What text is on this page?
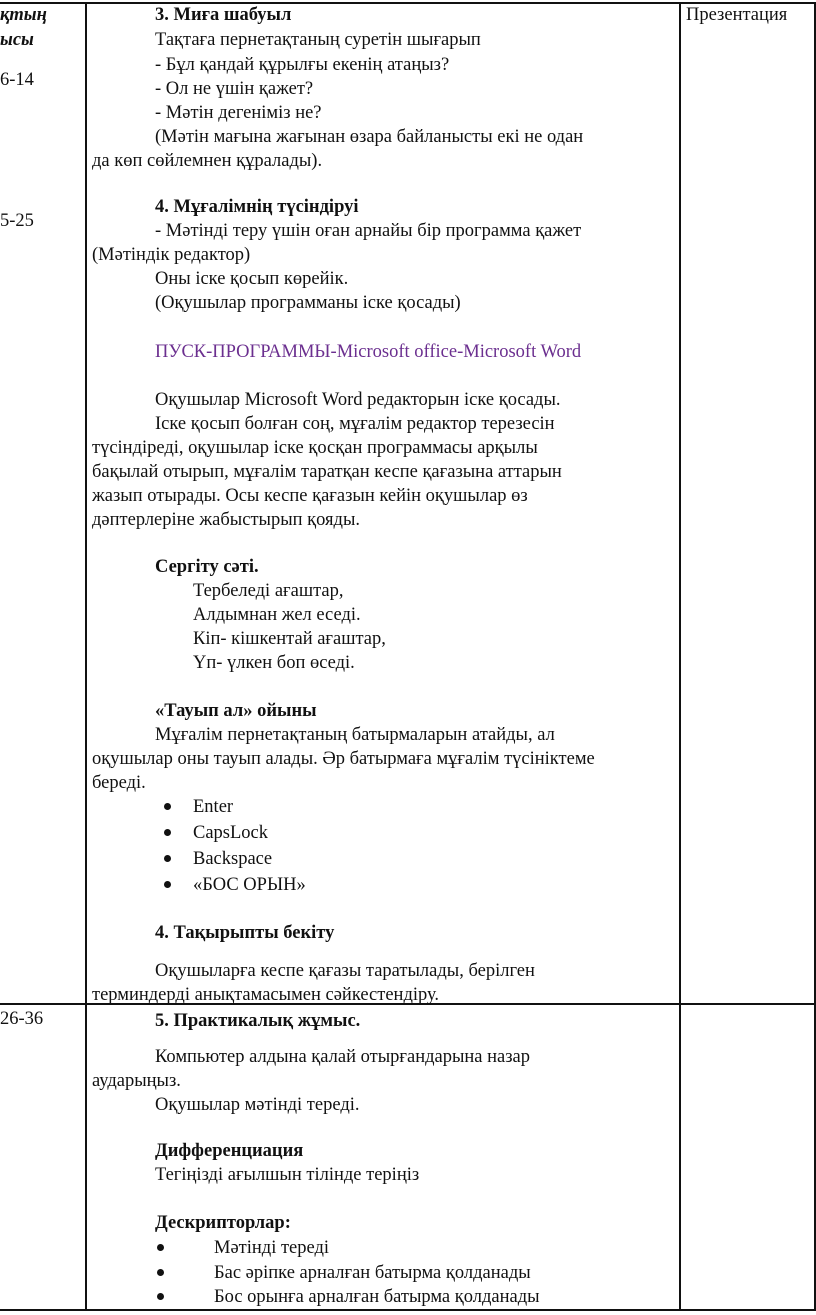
қтың
ысы
6-14
5-25
26-36
Презентация
3. Миға шабуыл
Тақтаға пернетақтаның суретін шығарып
- Бұл қандай құрылғы екенің атаңыз?
- Ол не үшін қажет?
- Мәтін дегеніміз не?
(Мәтін мағына жағынан өзара байланысты екі не одан
да көп сөйлемнен құралады).
4. Мұғалімнің түсіндіруі
- Мәтінді теру үшін оған арнайы бір программа қажет
(Мәтіндік редактор)
Оны іске қосып көрейік.
(Оқушылар программаны іске қосады)
ПУСК-ПРОГРАММЫ-Microsoft office-Microsoft Word
Оқушылар Microsoft Word редакторын іске қосады.
Іске қосып болған соң, мұғалім редактор терезесін
түсіндіреді, оқушылар іске қосқан программасы арқылы
бақылай отырып, мұғалім таратқан кеспе қағазына аттарын
жазып отырады. Осы кеспе қағазын кейін оқушылар өз
дәптерлеріне жабыстырып қояды.
Сергіту сәті.
Тербеледі ағаштар,
Алдымнан жел еседі.
Кіп- кішкентай ағаштар,
Үп- үлкен боп өседі.
«Тауып ал» ойыны
Мұғалім пернетақтаның батырмаларын атайды, ал
оқушылар оны тауып алады. Әр батырмаға мұғалім түсініктеме
береді.
Enter
CapsLock
Backspace
«БОС ОРЫН»
4. Тақырыпты бекіту
Оқушыларға кеспе қағазы таратылады, берілген
терминдерді анықтамасымен сәйкестендіру.
5. Практикалық жұмыс.
Компьютер алдына қалай отырғандарына назар
аударыңыз.
Оқушылар мәтінді тереді.
Дифференциация
Тегіңізді ағылшын тілінде теріңіз
Дескрипторлар:
Мәтінді тереді
Бас әріпке арналған батырма қолданады
Бос орынға арналған батырма қолданады
